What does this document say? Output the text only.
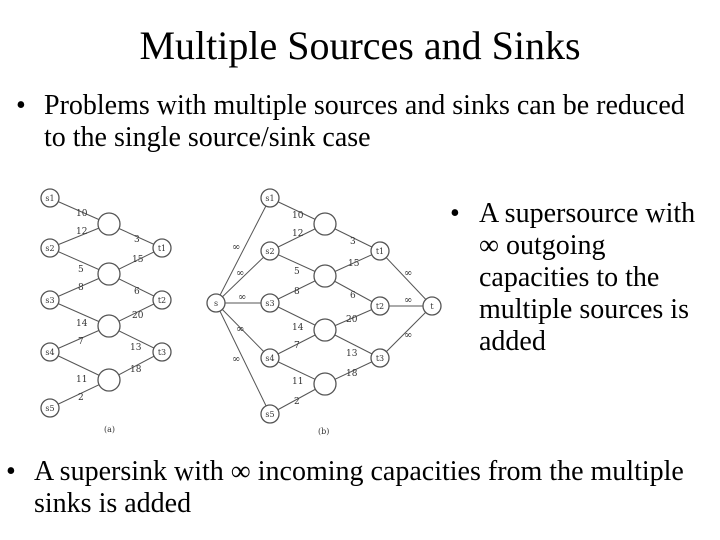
Multiple Sources and Sinks
• Problems with multiple sources and sinks can be reduced to the single source/sink case
10
12
3
15
5
8	6
20
14
7
13
18
11
2
10
12
3
15
5
8	6
20
14
7
13
18
11
2
∞
∞
∞
∞
∞
∞
∞
∞
s1
s2
s3
s4
s5
t1
t2
t3
s
s1
s2
s3
s4
s5
t1
t2
t3
t
(a)	(b)
• A supersource with ∞ outgoing capacities to the multiple sources is added
• A supersink with ∞ incoming capacities from the multiple sinks is added
